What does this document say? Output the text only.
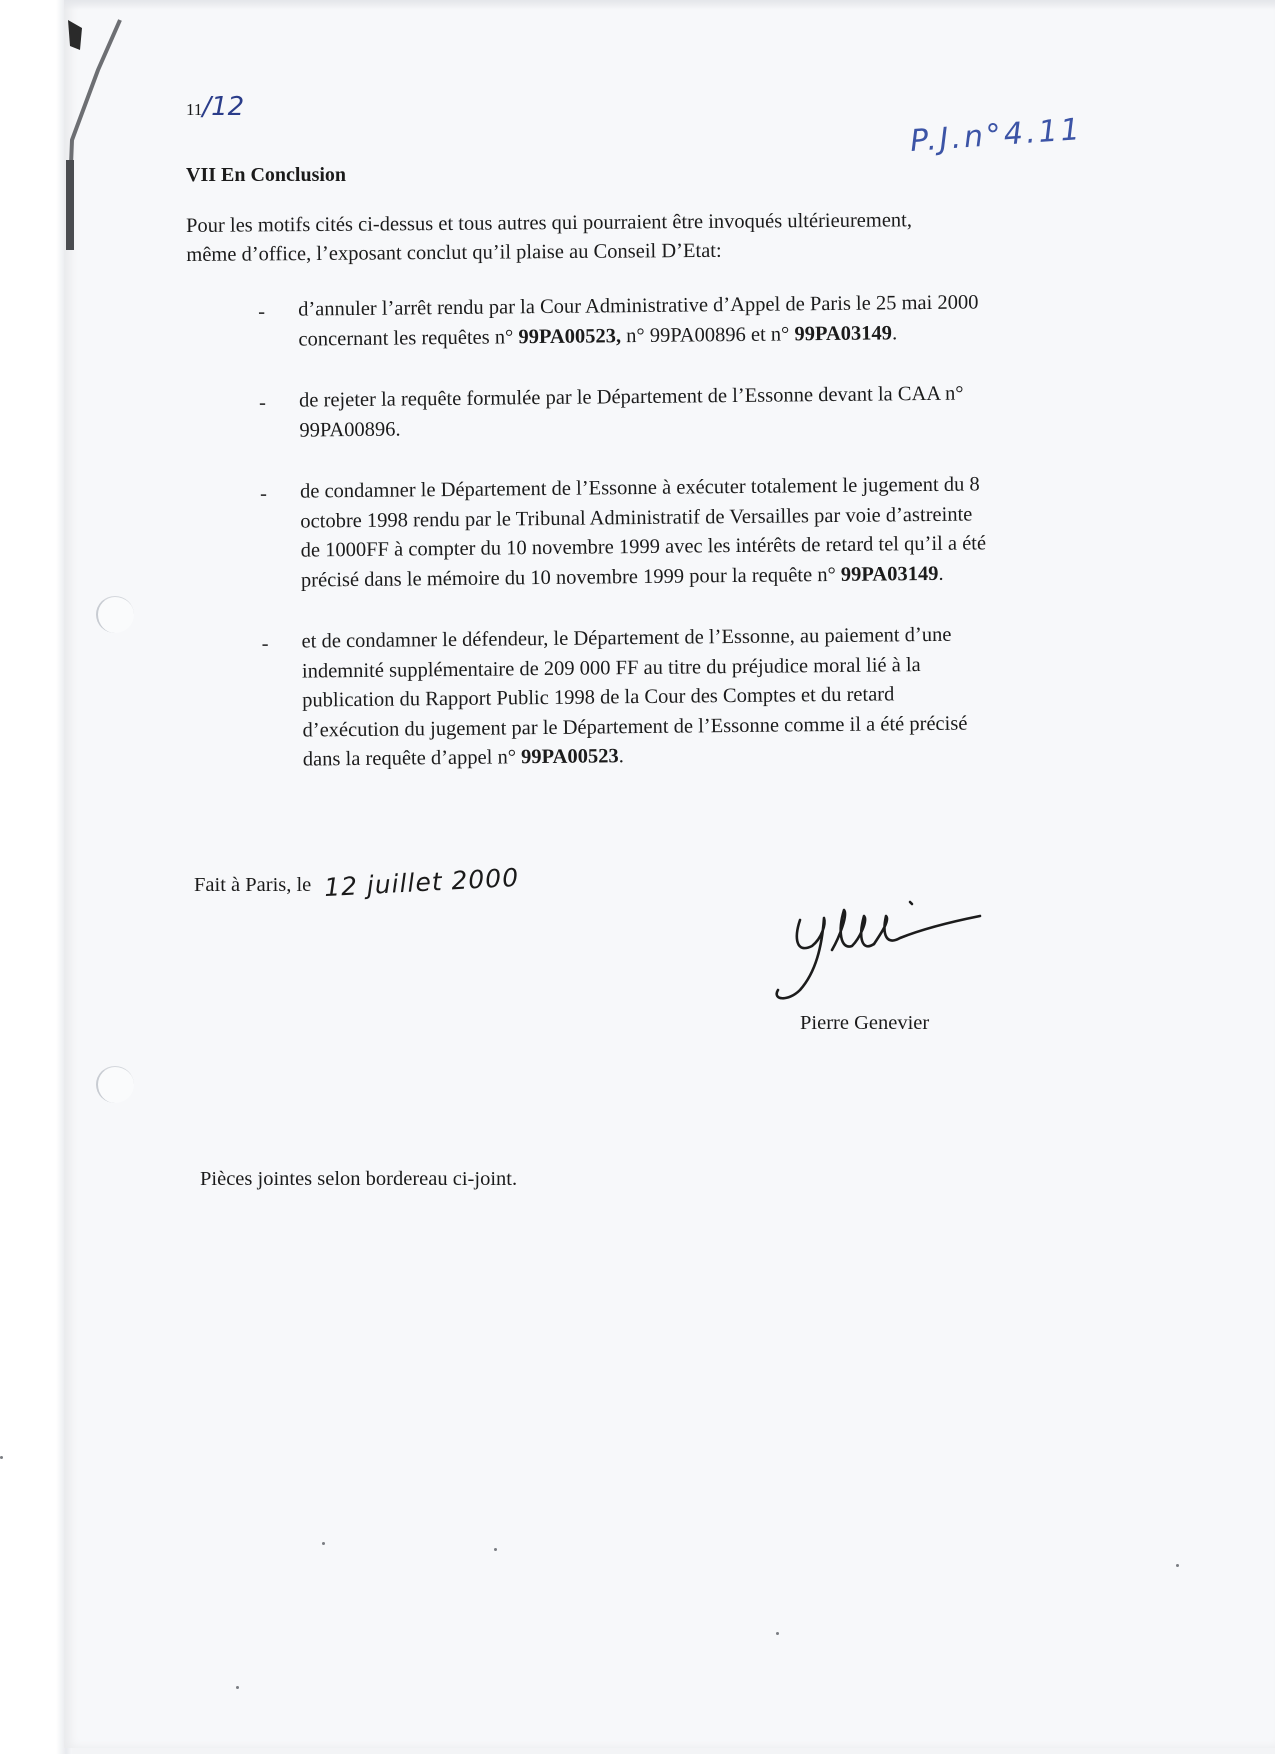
11/12
P.J.n°4.11
VII En Conclusion
Pour les motifs cités ci-dessus et tous autres qui pourraient être invoqués ultérieurement,
même d’office, l’exposant conclut qu’il plaise au Conseil D’Etat:
- d’annuler l’arrêt rendu par la Cour Administrative d’Appel de Paris le 25 mai 2000
concernant les requêtes n° 99PA00523, n° 99PA00896 et n° 99PA03149.
- de rejeter la requête formulée par le Département de l’Essonne devant la CAA n°
99PA00896.
- de condamner le Département de l’Essonne à exécuter totalement le jugement du 8
octobre 1998 rendu par le Tribunal Administratif de Versailles par voie d’astreinte
de 1000FF à compter du 10 novembre 1999 avec les intérêts de retard tel qu’il a été
précisé dans le mémoire du 10 novembre 1999 pour la requête n° 99PA03149.
- et de condamner le défendeur, le Département de l’Essonne, au paiement d’une
indemnité supplémentaire de 209 000 FF au titre du préjudice moral lié à la
publication du Rapport Public 1998 de la Cour des Comptes et du retard
d’exécution du jugement par le Département de l’Essonne comme il a été précisé
dans la requête d’appel n° 99PA00523.
Fait à Paris, le 12 juillet 2000
Pierre Genevier
Pièces jointes selon bordereau ci-joint.
